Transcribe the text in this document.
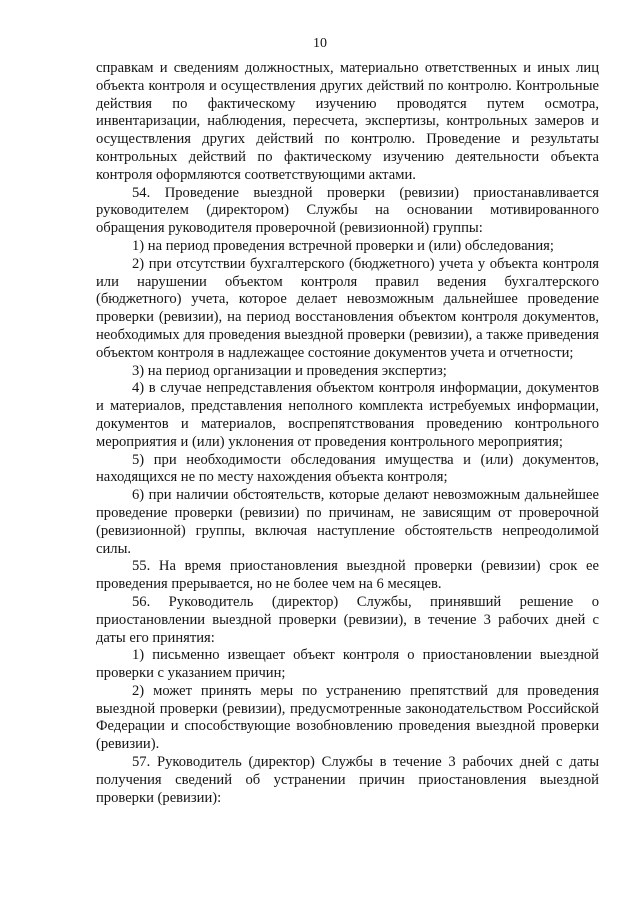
10

справкам и сведениям должностных, материально ответственных и иных лиц объекта контроля и осуществления других действий по контролю. Контрольные действия по фактическому изучению проводятся путем осмотра, инвентаризации, наблюдения, пересчета, экспертизы, контрольных замеров и осуществления других действий по контролю. Проведение и результаты контрольных действий по фактическому изучению деятельности объекта контроля оформляются соответствующими актами.

54. Проведение выездной проверки (ревизии) приостанавливается руководителем (директором) Службы на основании мотивированного обращения руководителя проверочной (ревизионной) группы:

1) на период проведения встречной проверки и (или) обследования;

2) при отсутствии бухгалтерского (бюджетного) учета у объекта контроля или нарушении объектом контроля правил ведения бухгалтерского (бюджетного) учета, которое делает невозможным дальнейшее проведение проверки (ревизии), на период восстановления объектом контроля документов, необходимых для проведения выездной проверки (ревизии), а также приведения объектом контроля в надлежащее состояние документов учета и отчетности;

3) на период организации и проведения экспертиз;

4) в случае непредставления объектом контроля информации, документов и материалов, представления неполного комплекта истребуемых информации, документов и материалов, воспрепятствования проведению контрольного мероприятия и (или) уклонения от проведения контрольного мероприятия;

5) при необходимости обследования имущества и (или) документов, находящихся не по месту нахождения объекта контроля;

6) при наличии обстоятельств, которые делают невозможным дальнейшее проведение проверки (ревизии) по причинам, не зависящим от проверочной (ревизионной) группы, включая наступление обстоятельств непреодолимой силы.

55. На время приостановления выездной проверки (ревизии) срок ее проведения прерывается, но не более чем на 6 месяцев.

56. Руководитель (директор) Службы, принявший решение о приостановлении выездной проверки (ревизии), в течение 3 рабочих дней с даты его принятия:

1) письменно извещает объект контроля о приостановлении выездной проверки с указанием причин;

2) может принять меры по устранению препятствий для проведения выездной проверки (ревизии), предусмотренные законодательством Российской Федерации и способствующие возобновлению проведения выездной проверки (ревизии).

57. Руководитель (директор) Службы в течение 3 рабочих дней с даты получения сведений об устранении причин приостановления выездной проверки (ревизии):
